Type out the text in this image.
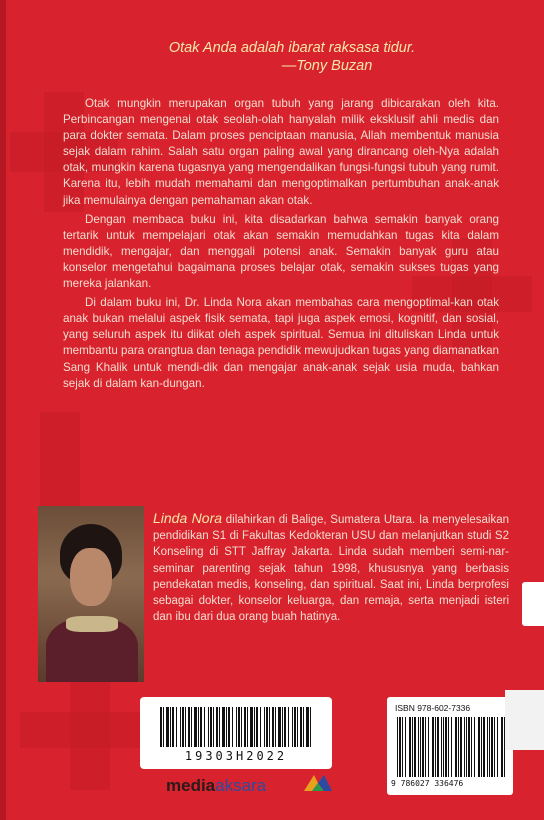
Otak Anda adalah ibarat raksasa tidur.
—Tony Buzan

Otak mungkin merupakan organ tubuh yang jarang dibicarakan oleh kita. Perbincangan mengenai otak seolah-olah hanyalah milik eksklusif ahli medis dan para dokter semata. Dalam proses penciptaan manusia, Allah membentuk manusia sejak dalam rahim. Salah satu organ paling awal yang dirancang oleh-Nya adalah otak, mungkin karena tugasnya yang mengendalikan fungsi-fungsi tubuh yang rumit. Karena itu, lebih mudah memahami dan mengoptimalkan pertumbuhan anak-anak jika memulainya dengan pemahaman akan otak.

Dengan membaca buku ini, kita disadarkan bahwa semakin banyak orang tertarik untuk mempelajari otak akan semakin memudahkan tugas kita dalam mendidik, mengajar, dan menggali potensi anak. Semakin banyak guru atau konselor mengetahui bagaimana proses belajar otak, semakin sukses tugas yang mereka jalankan.

Di dalam buku ini, Dr. Linda Nora akan membahas cara mengoptimal-kan otak anak bukan melalui aspek fisik semata, tapi juga aspek emosi, kognitif, dan sosial, yang seluruh aspek itu diikat oleh aspek spiritual. Semua ini dituliskan Linda untuk membantu para orangtua dan tenaga pendidik mewujudkan tugas yang diamanatkan Sang Khalik untuk mendi-dik dan mengajar anak-anak sejak usia muda, bahkan sejak di dalam kan-dungan.

Linda Nora dilahirkan di Balige, Sumatera Utara. Ia menyelesaikan pendidikan S1 di Fakultas Kedokteran USU dan melanjutkan studi S2 Konseling di STT Jaffray Jakarta. Linda sudah memberi semi-nar-seminar parenting sejak tahun 1998, khususnya yang berbasis pendekatan medis, konseling, dan spiritual. Saat ini, Linda berprofesi sebagai dokter, konselor keluarga, dan remaja, serta menjadi isteri dan ibu dari dua orang buah hatinya.
19303H2022
ISBN 978-602-7336
9 786027 336476
mediaaksara
